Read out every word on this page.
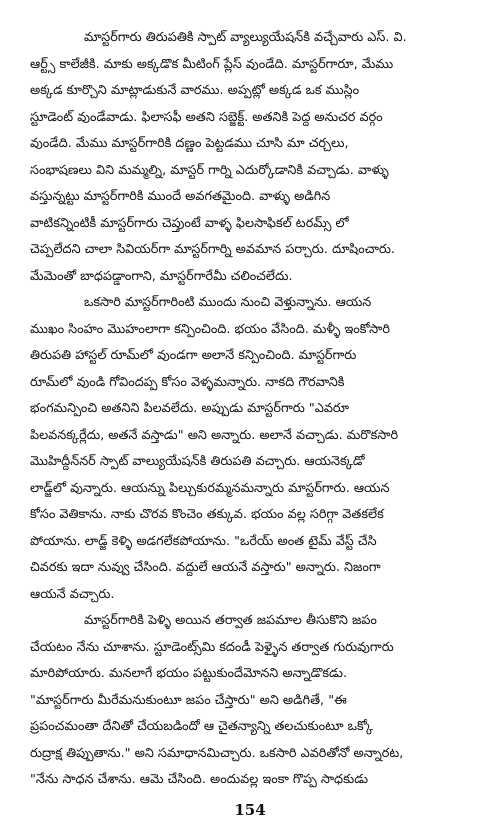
మాస్టర్‌గారు తిరుపతికి స్పాట్ వ్యాల్యుయేషన్‌కి వచ్చేవారు ఎస్. వి.
ఆర్ట్స్ కాలేజీకి. మాకు అక్కడొక మీటింగ్ ప్లేస్ వుండేది. మాస్టర్‌గారూ, మేము
అక్కడ కూర్చొని మాట్లాడుకునే వారము. అప్పట్లో అక్కడ ఒక ముస్లిం
స్టూడెంట్ వుండేవాడు. ఫిలాసఫీ అతని సబ్జెక్ట్. అతనికి పెద్ద అనుచర వర్గం
వుండేది. మేము మాస్టర్‌గారికి దణ్ణం పెట్టడము చూసి మా చర్చలు,
సంభాషణలు విని మమ్మల్ని, మాస్టర్ గార్ని ఎదుర్కోడానికి వచ్చాడు. వాళ్ళు
వస్తున్నట్టు మాస్టర్‌గారికి ముందే అవగతమైంది. వాళ్ళు అడిగిన
వాటికన్నింటికీ మాస్టర్‌గారు చెప్తుంటే వాళ్ళ ఫిలసాఫికల్ టరమ్స్ లో
చెప్పలేదని చాలా సివియర్‌గా మాస్టర్‌గార్ని అవమాన పర్చారు. దూషించారు.
మేమెంతో బాధపడ్డాంగాని, మాస్టర్‌గారేమీ చలించలేదు.
ఒకసారి మాస్టర్‌గారింటి ముందు నుంచి వెళ్తున్నాను. ఆయన
ముఖం సింహం మొహంలాగా కన్పించింది. భయం వేసింది. మళ్ళీ ఇంకోసారి
తిరుపతి హాస్టల్ రూమ్‌లో వుండగా అలానే కన్పించింది. మాస్టర్‌గారు
రూమ్‌లో వుండి గోవిందప్ప కోసం వెళ్ళమన్నారు. నాకది గౌరవానికి
భంగమన్పించి అతనిని పిలవలేదు. అప్పుడు మాస్టర్‌గారు "ఎవరూ
పిలవనక్కర్లేదు, అతనే వస్తాడు" అని అన్నారు. అలానే వచ్చాడు. మరొకసారి
మొహిద్దీన్‌నర్ స్పాట్ వాల్యుయేషన్‌కి తిరుపతి వచ్చారు. ఆయనెక్కడో
లాడ్జ్‌లో వున్నారు. ఆయన్ను పిల్చుకురమ్మనమన్నారు మాస్టర్‌గారు. ఆయన
కోసం వెతికాను. నాకు చొరవ కొంచెం తక్కువ. భయం వల్ల సరిగ్గా వెతకలేక
పోయాను. లాడ్జ్ కెళ్ళి అడగలేకపోయాను. "ఒరేయ్ అంత టైమ్ వేస్ట్ చేసి
చివరకు ఇదా నువ్వు చేసింది. వద్దులే ఆయనే వస్తారు" అన్నారు. నిజంగా
ఆయనే వచ్చారు.
మాస్టర్‌గారికి పెళ్ళి అయిన తర్వాత జపమాల తీసుకొని జపం
చేయటం నేను చూశాను. స్టూడెంట్స్‌మి కదండీ పెళ్ళైన తర్వాత గురువుగారు
మారిపోయారు. మనలాగే భయం పట్టుకుందేమోనని అన్నాడొకడు.
"మాస్టర్‌గారు మీరేమనుకుంటూ జపం చేస్తారు" అని అడిగితే, "ఈ
ప్రపంచమంతా దేనితో చేయబడిందో ఆ చైతన్యాన్ని తలచుకుంటూ ఒక్కో
రుద్రాక్ష తిప్పుతాను." అని సమాధానమిచ్చారు. ఒకసారి ఎవరితోనో అన్నారట,
"నేను సాధన చేశాను. ఆమె చేసింది. అందువల్ల ఇంకా గొప్ప సాధకుడు
154
